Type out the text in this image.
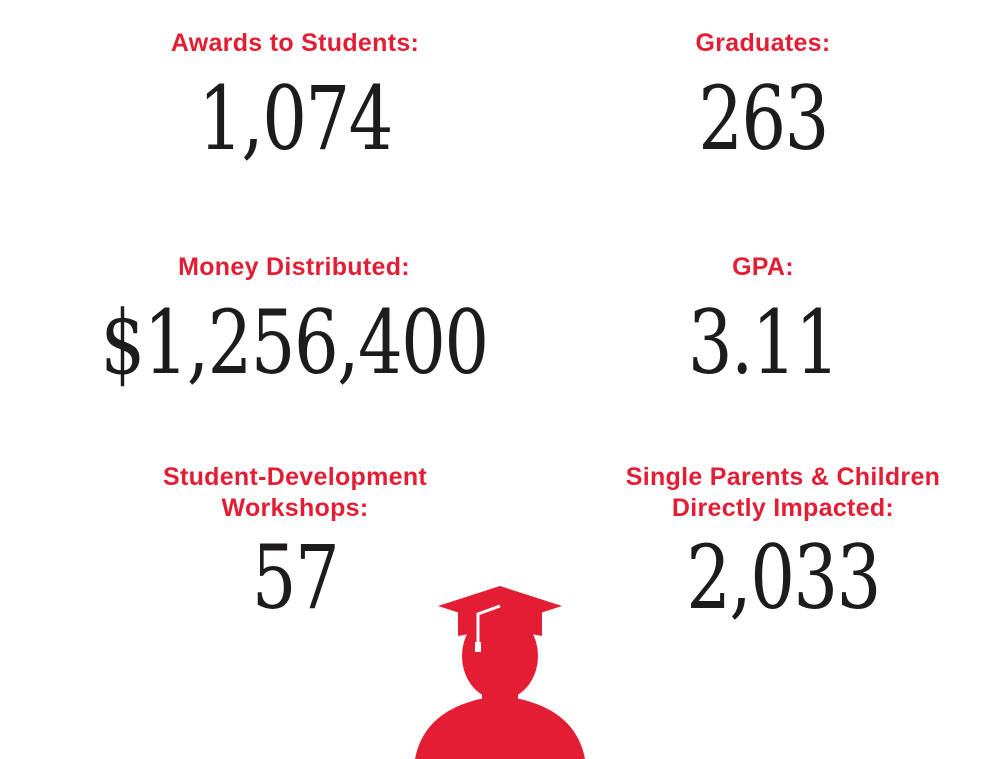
Awards to Students:
1,074
Graduates:
263
Money Distributed:
$1,256,400
GPA:
3.11
Student-Development
Workshops:
57
Single Parents & Children
Directly Impacted:
2,033
